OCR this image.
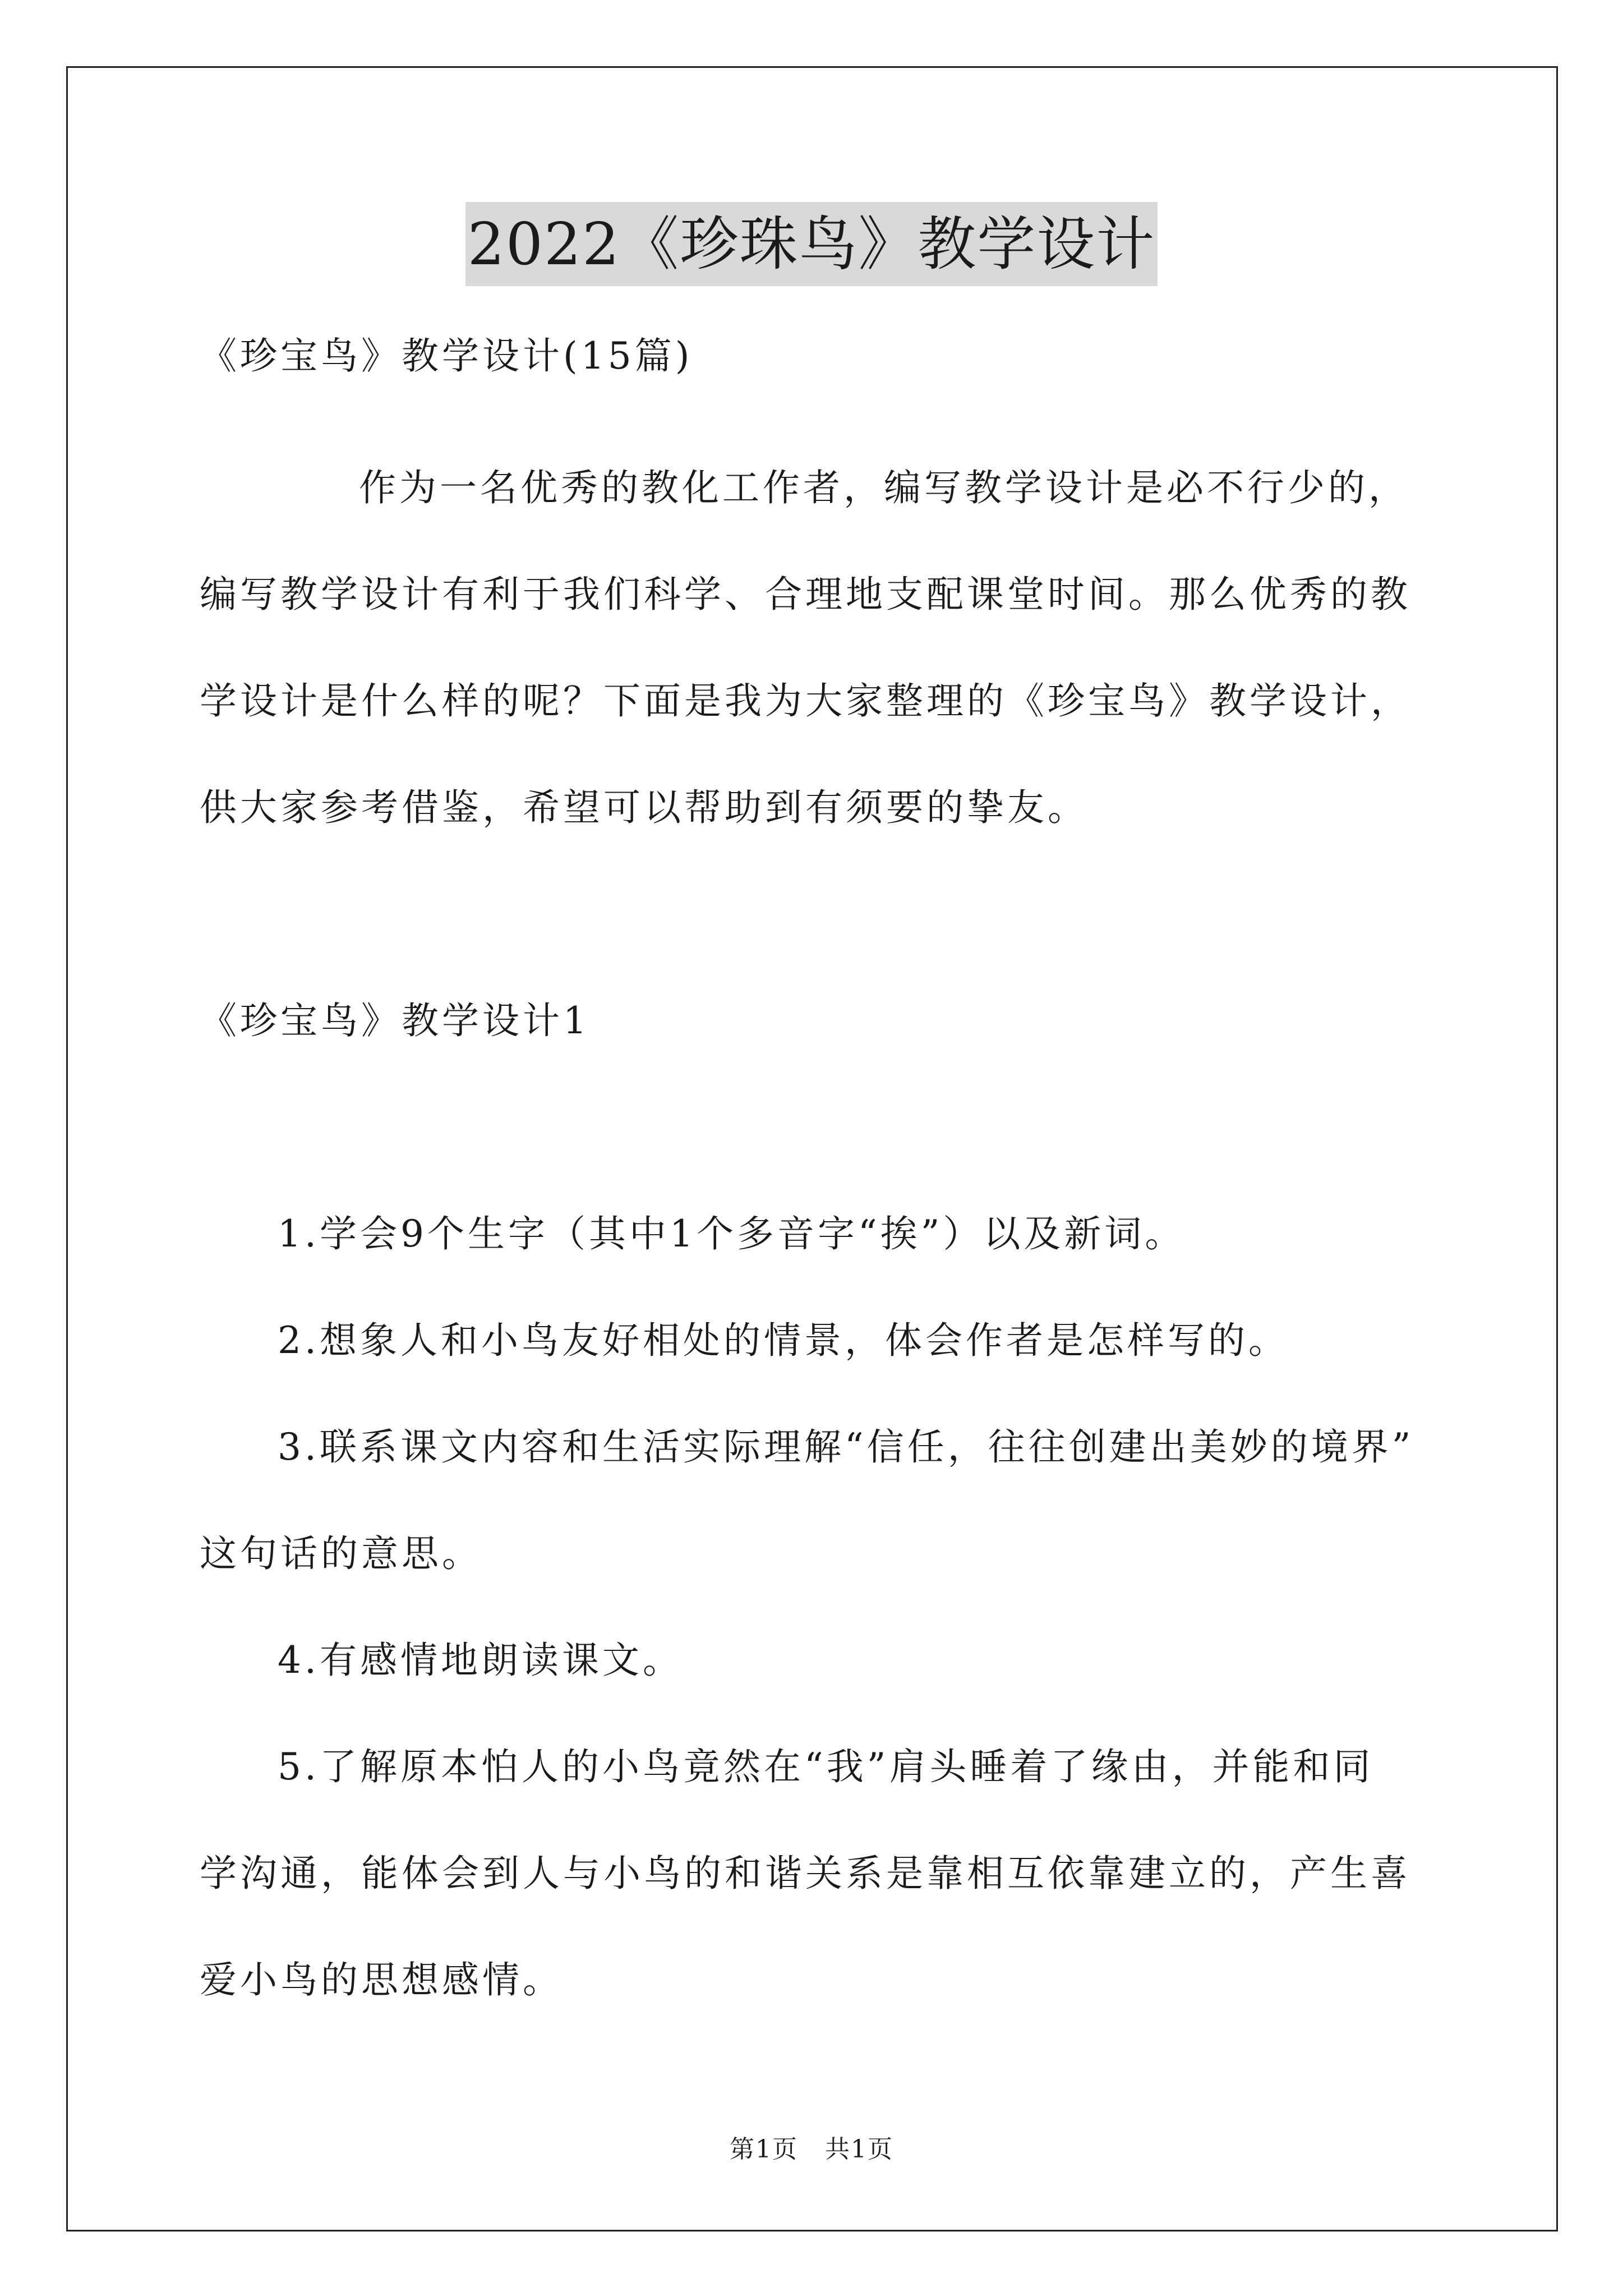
2022《珍珠鸟》教学设计
《珍宝鸟》教学设计(15篇)
作为一名优秀的教化工作者，编写教学设计是必不行少的，
编写教学设计有利于我们科学、合理地支配课堂时间。那么优秀的教
学设计是什么样的呢？下面是我为大家整理的《珍宝鸟》教学设计，
供大家参考借鉴，希望可以帮助到有须要的挚友。
《珍宝鸟》教学设计1
1.学会9个生字（其中1个多音字“挨”）以及新词。
2.想象人和小鸟友好相处的情景，体会作者是怎样写的。
3.联系课文内容和生活实际理解“信任，往往创建出美妙的境界”
这句话的意思。
4.有感情地朗读课文。
5.了解原本怕人的小鸟竟然在“我”肩头睡着了缘由，并能和同
学沟通，能体会到人与小鸟的和谐关系是靠相互依靠建立的，产生喜
爱小鸟的思想感情。
第1页 共1页
